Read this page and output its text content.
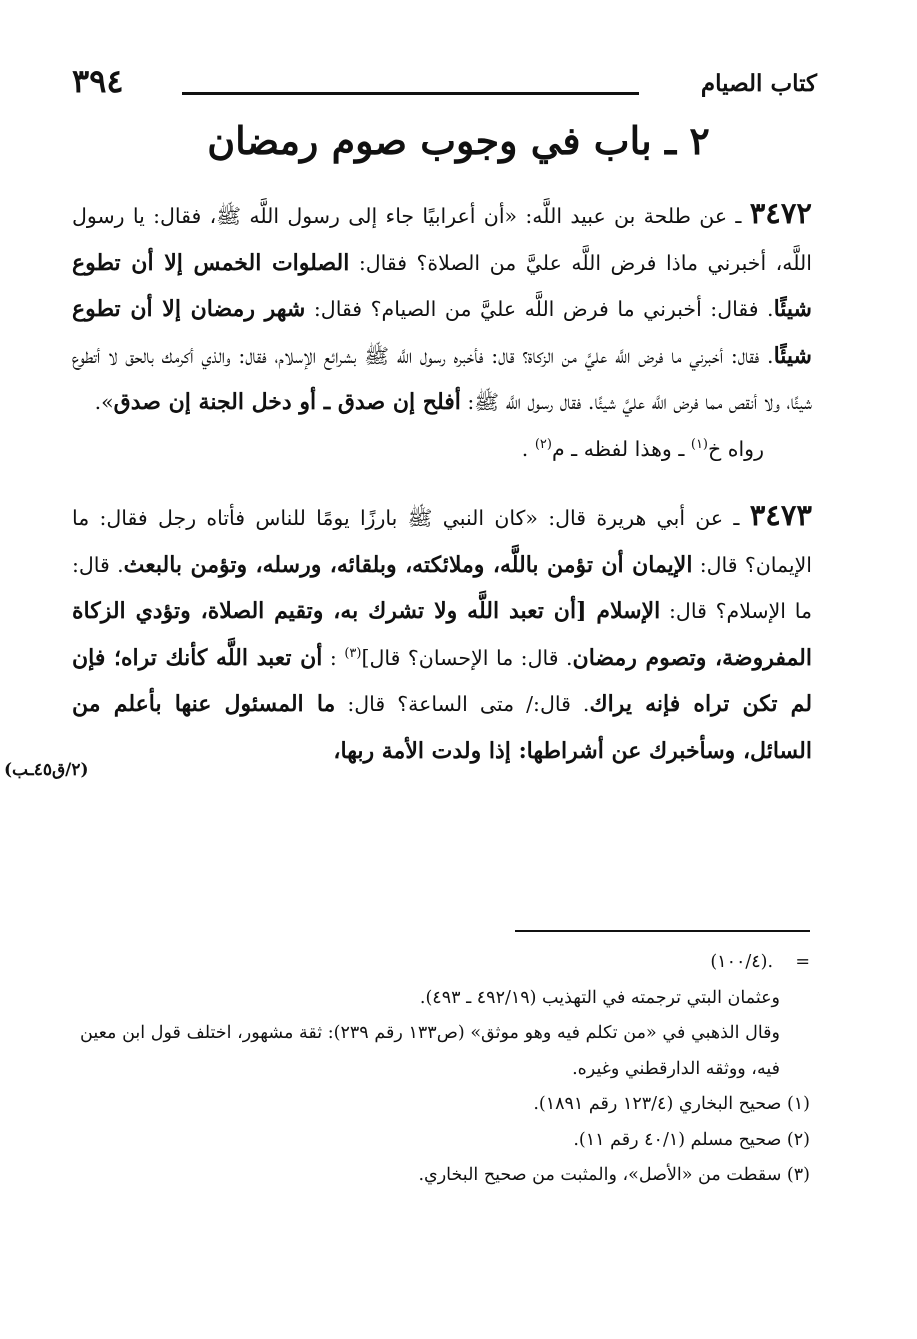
كتاب الصيام
٣٩٤
٢ ـ باب في وجوب صوم رمضان

٣٤٧٢ ـ عن طلحة بن عبيد اللَّه: «أن أعرابيًا جاء إلى رسول اللَّه ﷺ، فقال: يا رسول اللَّه، أخبرني ماذا فرض اللَّه عليَّ من الصلاة؟ فقال: الصلوات الخمس إلا أن تطوع شيئًا. فقال: أخبرني ما فرض اللَّه عليَّ من الصيام؟ فقال: شهر رمضان إلا أن تطوع شيئًا. فقال: أخبرني ما فرض اللَّه عليَّ من الزكاة؟ قال: فأخبره رسول اللَّه ﷺ بشرائع الإسلام، فقال: والذي أكرمك بالحق لا أتطوع شيئًا، ولا أنقص مما فرض اللَّه عليَّ شيئًا. فقال رسول اللَّه ﷺ: أفلح إن صدق ـ أو دخل الجنة إن صدق».

رواه خ$^{(١)}$ ـ وهذا لفظه ـ م$^{(٢)}$ .

٣٤٧٣ ـ عن أبي هريرة قال: «كان النبي ﷺ بارزًا يومًا للناس فأتاه رجل فقال: ما الإيمان؟ قال: الإيمان أن تؤمن باللَّه، وملائكته، وبلقائه، ورسله، وتؤمن بالبعث. قال: ما الإسلام؟ قال: الإسلام [أن تعبد اللَّه ولا تشرك به، وتقيم الصلاة، وتؤدي الزكاة المفروضة، وتصوم رمضان. قال: ما الإحسان؟ قال]$^{(٣)}$ : أن تعبد اللَّه كأنك تراه؛ فإن لم تكن تراه فإنه يراك. قال:/ متى الساعة؟ قال: ما المسئول عنها بأعلم من السائل، وسأخبرك عن أشراطها: إذا ولدت الأمة ربها،

(٢/ق٤٥ـب)

=    .(١٠٠/٤)

وعثمان البتي ترجمته في التهذيب (٤٩٢/١٩ ـ ٤٩٣).

وقال الذهبي في «من تكلم فيه وهو موثق» (ص١٣٣ رقم ٢٣٩): ثقة مشهور، اختلف قول ابن معين فيه، ووثقه الدارقطني وغيره.

(١) صحيح البخاري (١٢٣/٤ رقم ١٨٩١).

(٢) صحيح مسلم (٤٠/١ رقم ١١).

(٣) سقطت من «الأصل»، والمثبت من صحيح البخاري.
